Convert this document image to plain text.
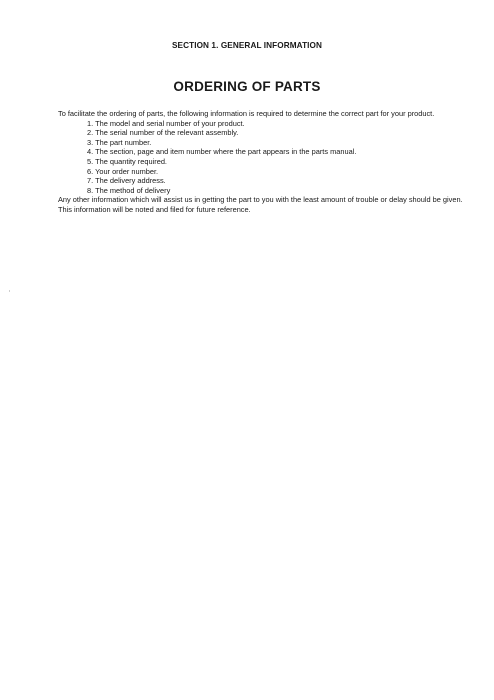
SECTION 1. GENERAL INFORMATION
ORDERING OF PARTS

To facilitate the ordering of parts, the following information is required to determine the correct part for your product.

1. The model and serial number of your product.
2. The serial number of the relevant assembly.
3. The part number.
4. The section, page and item number where the part appears in the parts manual.
5. The quantity required.
6. Your order number.
7. The delivery address.
8. The method of delivery

Any other information which will assist us in getting the part to you with the least amount of trouble or delay should be given. This information will be noted and filed for future reference.
